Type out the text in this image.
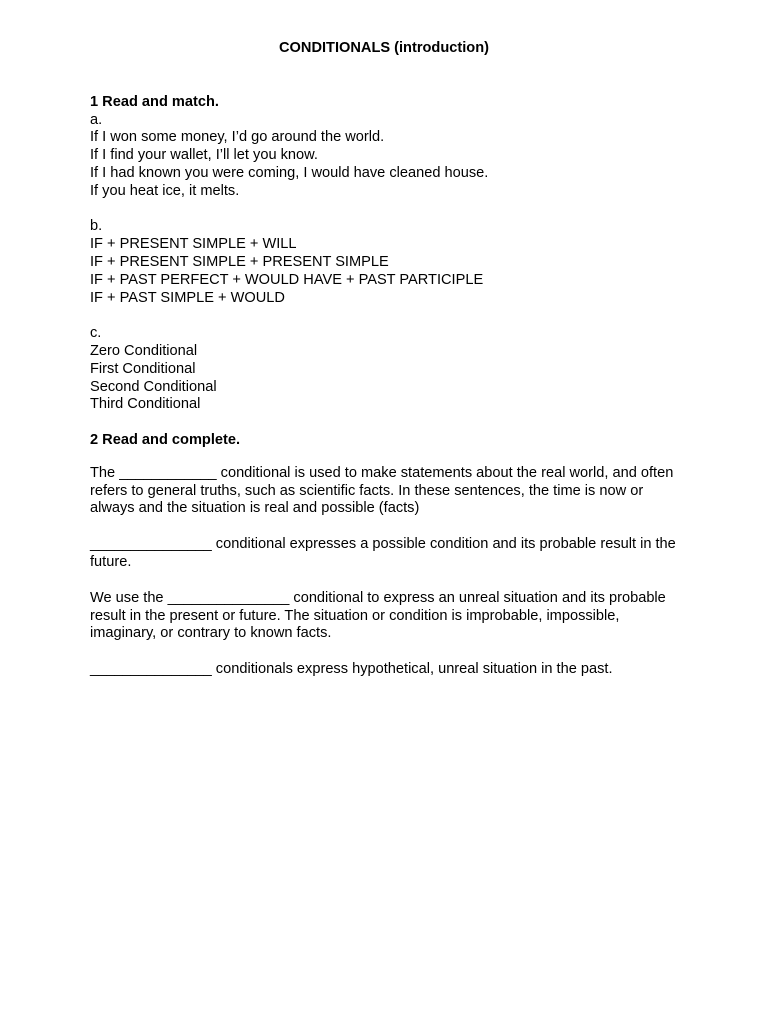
CONDITIONALS (introduction)
1 Read and match.
a.
If I won some money, I’d go around the world.
If I find your wallet, I’ll let you know.
If I had known you were coming, I would have cleaned house.
If you heat ice, it melts.
b.
IF + PRESENT SIMPLE + WILL
IF + PRESENT SIMPLE + PRESENT SIMPLE
IF + PAST PERFECT + WOULD HAVE + PAST PARTICIPLE
IF + PAST SIMPLE + WOULD
c.
Zero Conditional
First Conditional
Second Conditional
Third Conditional
2 Read and complete.

The ____________ conditional is used to make statements about the real world, and often refers to general truths, such as scientific facts. In these sentences, the time is now or always and the situation is real and possible (facts)

_______________ conditional expresses a possible condition and its probable result in the future.

We use the _______________ conditional to express an unreal situation and its probable result in the present or future. The situation or condition is improbable, impossible, imaginary, or contrary to known facts.

_______________ conditionals express hypothetical, unreal situation in the past.
